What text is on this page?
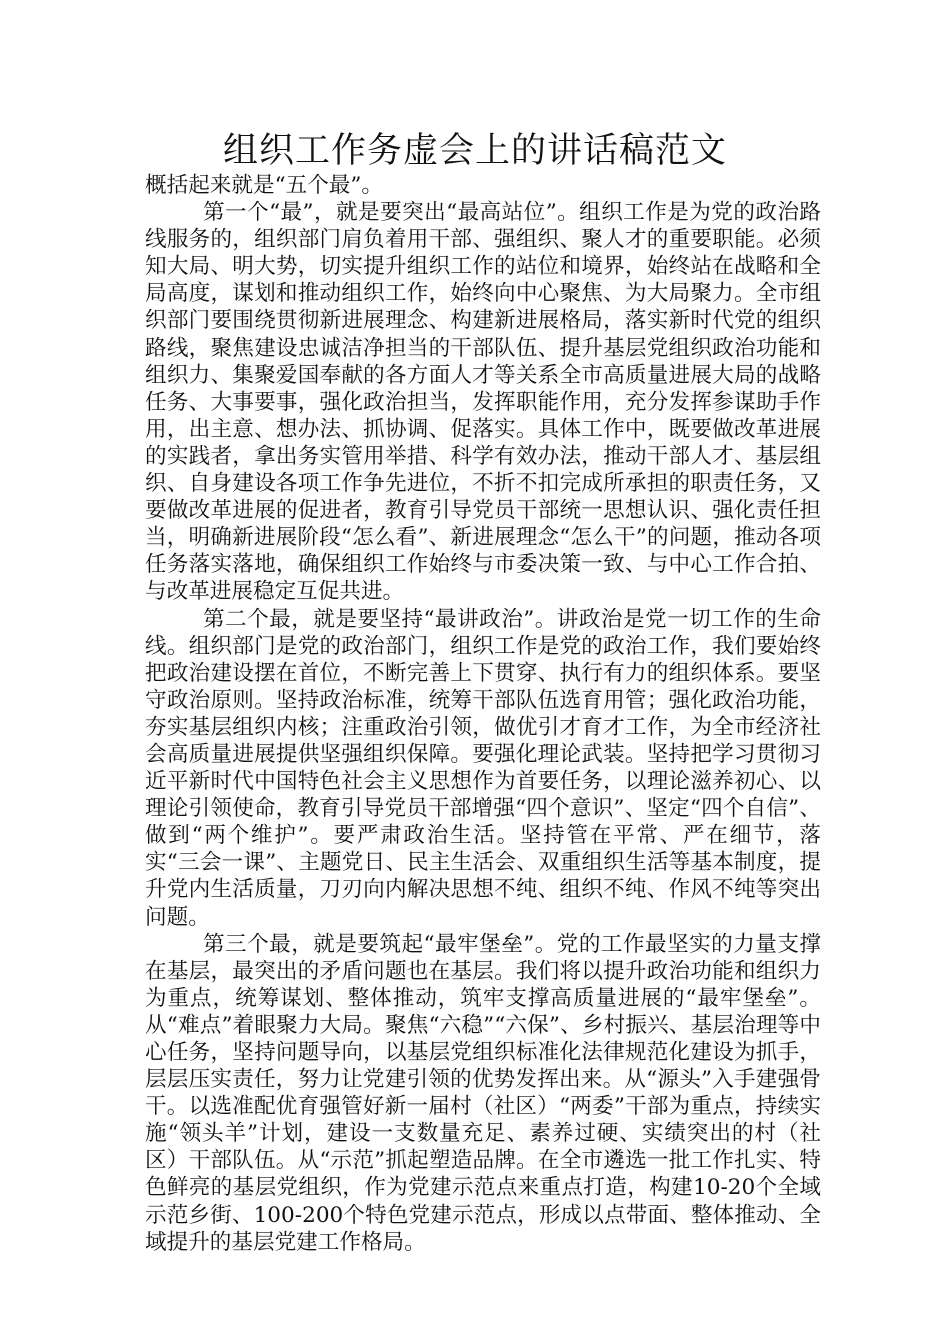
组织工作务虚会上的讲话稿范文

概括起来就是“五个最”。

第一个“最”，就是要突出“最高站位”。组织工作是为党的政治路线服务的，组织部门肩负着用干部、强组织、聚人才的重要职能。必须知大局、明大势，切实提升组织工作的站位和境界，始终站在战略和全局高度，谋划和推动组织工作，始终向中心聚焦、为大局聚力。全市组织部门要围绕贯彻新进展理念、构建新进展格局，落实新时代党的组织路线，聚焦建设忠诚洁净担当的干部队伍、提升基层党组织政治功能和组织力、集聚爱国奉献的各方面人才等关系全市高质量进展大局的战略任务、大事要事，强化政治担当，发挥职能作用，充分发挥参谋助手作用，出主意、想办法、抓协调、促落实。具体工作中，既要做改革进展的实践者，拿出务实管用举措、科学有效办法，推动干部人才、基层组织、自身建设各项工作争先进位，不折不扣完成所承担的职责任务，又要做改革进展的促进者，教育引导党员干部统一思想认识、强化责任担当，明确新进展阶段“怎么看”、新进展理念“怎么干”的问题，推动各项任务落实落地，确保组织工作始终与市委决策一致、与中心工作合拍、与改革进展稳定互促共进。

第二个最，就是要坚持“最讲政治”。讲政治是党一切工作的生命线。组织部门是党的政治部门，组织工作是党的政治工作，我们要始终把政治建设摆在首位，不断完善上下贯穿、执行有力的组织体系。要坚守政治原则。坚持政治标准，统筹干部队伍选育用管；强化政治功能，夯实基层组织内核；注重政治引领，做优引才育才工作，为全市经济社会高质量进展提供坚强组织保障。要强化理论武装。坚持把学习贯彻习近平新时代中国特色社会主义思想作为首要任务，以理论滋养初心、以理论引领使命，教育引导党员干部增强“四个意识”、坚定“四个自信”、做到“两个维护”。要严肃政治生活。坚持管在平常、严在细节，落实“三会一课”、主题党日、民主生活会、双重组织生活等基本制度，提升党内生活质量，刀刃向内解决思想不纯、组织不纯、作风不纯等突出问题。

第三个最，就是要筑起“最牢堡垒”。党的工作最坚实的力量支撑在基层，最突出的矛盾问题也在基层。我们将以提升政治功能和组织力为重点，统筹谋划、整体推动，筑牢支撑高质量进展的“最牢堡垒”。从“难点”着眼聚力大局。聚焦“六稳”“六保”、乡村振兴、基层治理等中心任务，坚持问题导向，以基层党组织标准化法律规范化建设为抓手，层层压实责任，努力让党建引领的优势发挥出来。从“源头”入手建强骨干。以选准配优育强管好新一届村（社区）“两委”干部为重点，持续实施“领头羊”计划，建设一支数量充足、素养过硬、实绩突出的村（社区）干部队伍。从“示范”抓起塑造品牌。在全市遴选一批工作扎实、特色鲜亮的基层党组织，作为党建示范点来重点打造，构建10-20个全域示范乡街、100-200个特色党建示范点，形成以点带面、整体推动、全域提升的基层党建工作格局。
